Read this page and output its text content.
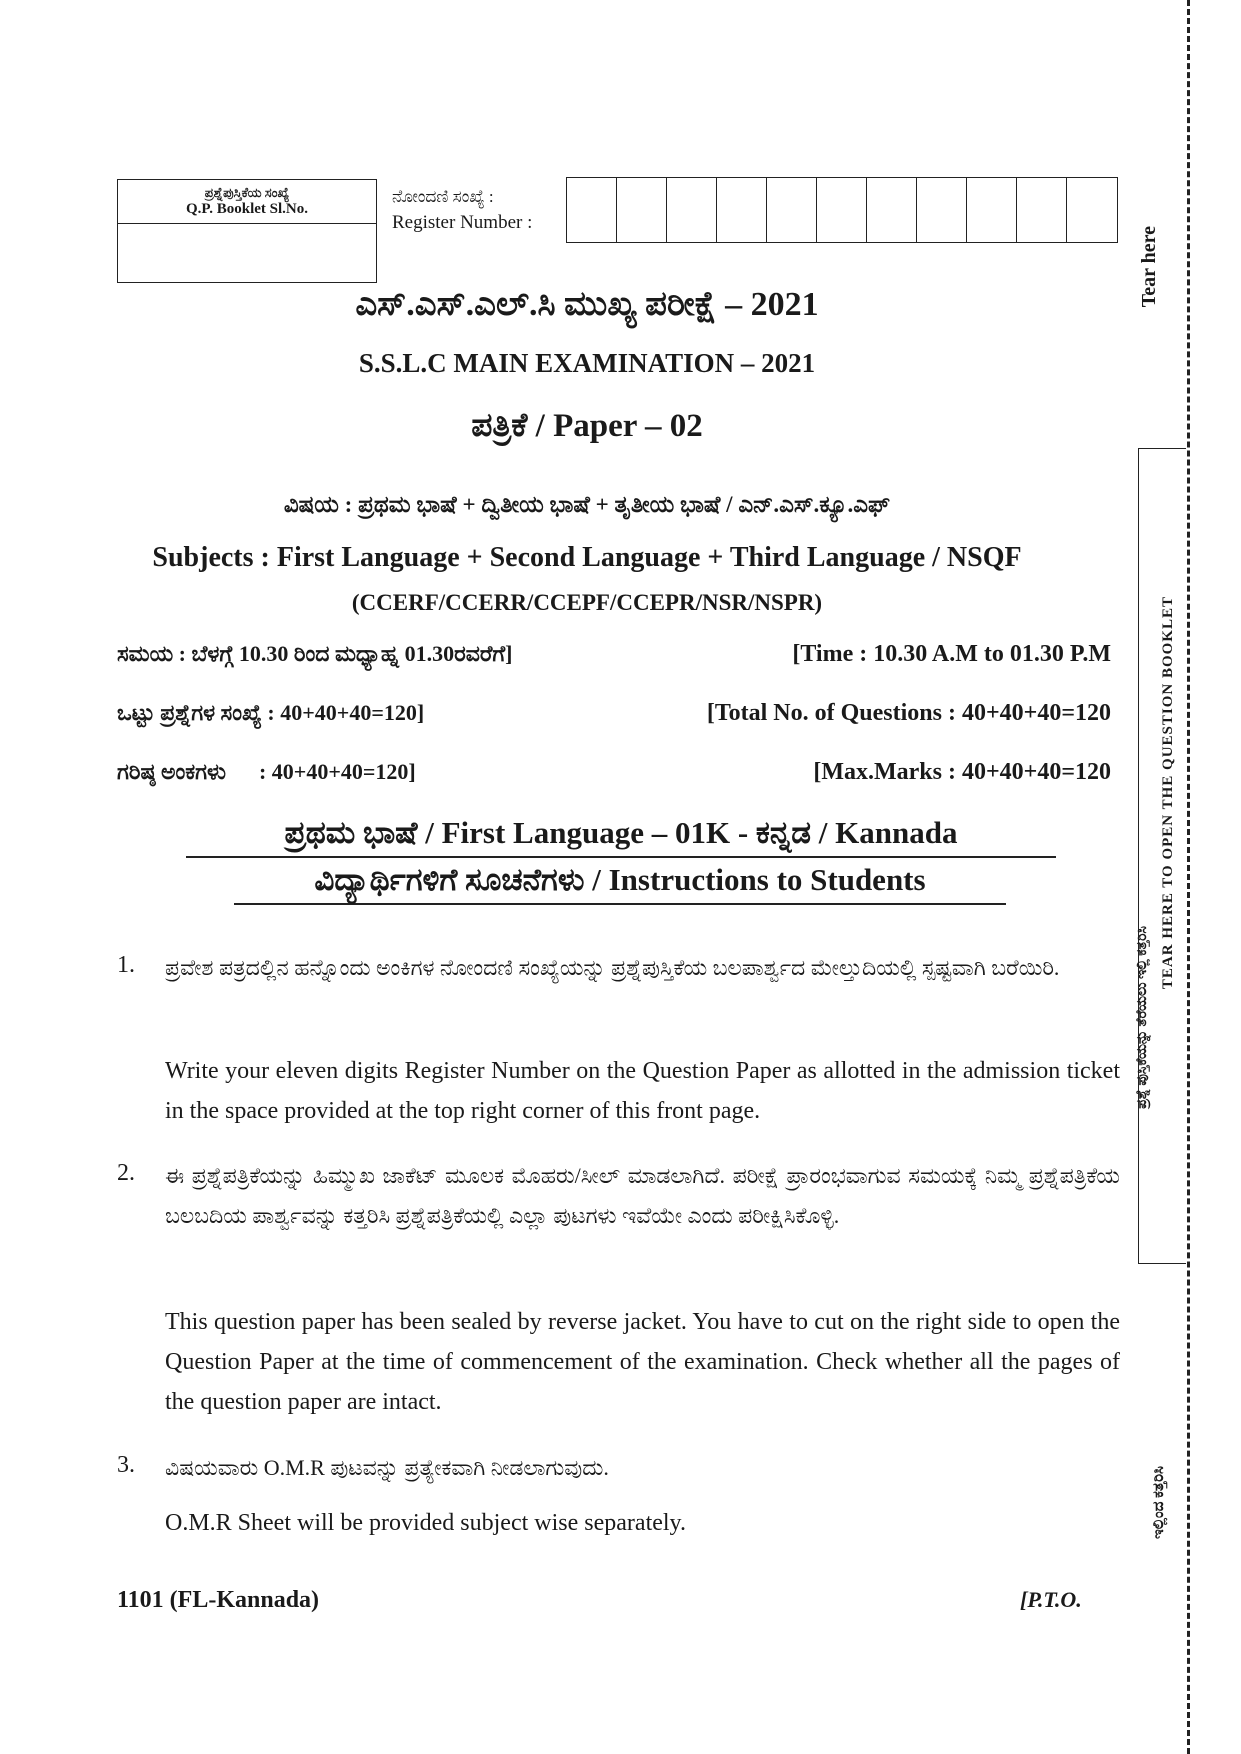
ಪ್ರಶ್ನೆಪುಸ್ತಿಕೆಯ ಸಂಖ್ಯೆ
Q.P. Booklet Sl.No.
ನೋಂದಣಿ ಸಂಖ್ಯೆ :
Register Number :
ಎಸ್.ಎಸ್.ಎಲ್.ಸಿ ಮುಖ್ಯ ಪರೀಕ್ಷೆ – 2021
S.S.L.C MAIN EXAMINATION – 2021
ಪತ್ರಿಕೆ / Paper – 02
ವಿಷಯ : ಪ್ರಥಮ ಭಾಷೆ + ದ್ವಿತೀಯ ಭಾಷೆ + ತೃತೀಯ ಭಾಷೆ / ಎನ್.ಎಸ್.ಕ್ಯೂ.ಎಫ್
Subjects : First Language + Second Language + Third Language / NSQF
(CCERF/CCERR/CCEPF/CCEPR/NSR/NSPR)
ಸಮಯ : ಬೆಳಗ್ಗೆ 10.30 ರಿಂದ ಮಧ್ಯಾಹ್ನ 01.30ರವರೆಗೆ]	[Time : 10.30 A.M to 01.30 P.M
ಒಟ್ಟು ಪ್ರಶ್ನೆಗಳ ಸಂಖ್ಯೆ : 40+40+40=120]	[Total No. of Questions : 40+40+40=120
ಗರಿಷ್ಠ ಅಂಕಗಳು      : 40+40+40=120]	[Max.Marks : 40+40+40=120
ಪ್ರಥಮ ಭಾಷೆ / First Language – 01K - ಕನ್ನಡ / Kannada
ವಿದ್ಯಾರ್ಥಿಗಳಿಗೆ ಸೂಚನೆಗಳು / Instructions to Students
1. ಪ್ರವೇಶ ಪತ್ರದಲ್ಲಿನ ಹನ್ನೊಂದು ಅಂಕಿಗಳ ನೋಂದಣಿ ಸಂಖ್ಯೆಯನ್ನು ಪ್ರಶ್ನೆಪುಸ್ತಿಕೆಯ ಬಲಪಾರ್ಶ್ವದ ಮೇಲ್ತುದಿಯಲ್ಲಿ ಸ್ಪಷ್ಟವಾಗಿ ಬರೆಯಿರಿ.
Write your eleven digits Register Number on the Question Paper as allotted in the admission ticket in the space provided at the top right corner of this front page.
2. ಈ ಪ್ರಶ್ನೆಪತ್ರಿಕೆಯನ್ನು ಹಿಮ್ಮುಖ ಜಾಕೆಟ್ ಮೂಲಕ ಮೊಹರು/ಸೀಲ್ ಮಾಡಲಾಗಿದೆ. ಪರೀಕ್ಷೆ ಪ್ರಾರಂಭವಾಗುವ ಸಮಯಕ್ಕೆ ನಿಮ್ಮ ಪ್ರಶ್ನೆಪತ್ರಿಕೆಯ ಬಲಬದಿಯ ಪಾರ್ಶ್ವವನ್ನು ಕತ್ತರಿಸಿ ಪ್ರಶ್ನೆಪತ್ರಿಕೆಯಲ್ಲಿ ಎಲ್ಲಾ ಪುಟಗಳು ಇವೆಯೇ ಎಂದು ಪರೀಕ್ಷಿಸಿಕೊಳ್ಳಿ.
This question paper has been sealed by reverse jacket. You have to cut on the right side to open the Question Paper at the time of commencement of the examination. Check whether all the pages of the question paper are intact.
3. ವಿಷಯವಾರು O.M.R ಪುಟವನ್ನು ಪ್ರತ್ಯೇಕವಾಗಿ ನೀಡಲಾಗುವುದು.
O.M.R Sheet will be provided subject wise separately.
1101 (FL-Kannada)	[P.T.O.
Tear here
TEAR HERE TO OPEN THE QUESTION BOOKLET
ಪ್ರಶ್ನೆ ಪುಸ್ತಿಕೆಯನ್ನು ತೆರೆಯಲು ಇಲ್ಲಿ ಕತ್ತರಿಸಿ
ಇಲ್ಲಿಂದ ಕತ್ತರಿಸಿ
